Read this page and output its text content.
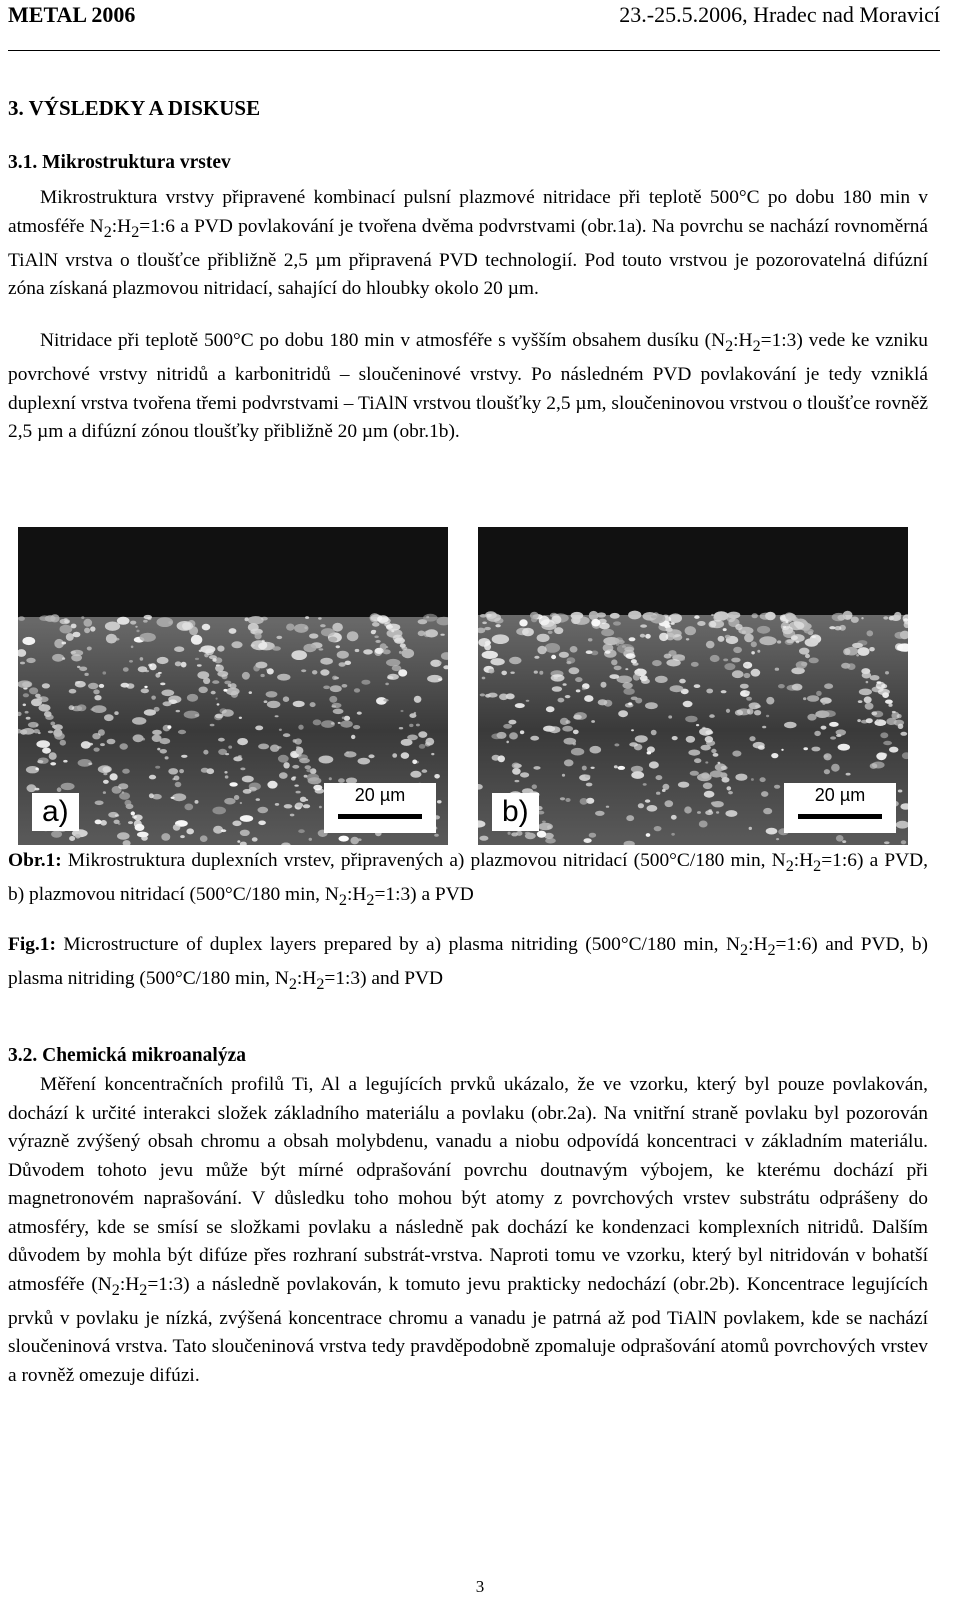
METAL 2006	23.-25.5.2006, Hradec nad Moravicí
3. VÝSLEDKY A DISKUSE
3.1. Mikrostruktura vrstev
Mikrostruktura vrstvy připravené kombinací pulsní plazmové nitridace při teplotě 500°C po dobu 180 min v atmosféře $N_2:H_2=1:6$ a PVD povlakování je tvořena dvěma podvrstvami (obr.1a). Na povrchu se nachází rovnoměrná TiAlN vrstva o tloušťce přibližně 2,5 µm připravená PVD technologií. Pod touto vrstvou je pozorovatelná difúzní zóna získaná plazmovou nitridací, sahající do hloubky okolo 20 µm.
Nitridace při teplotě 500°C po dobu 180 min v atmosféře s vyšším obsahem dusíku $(N_2:H_2=1:3)$ vede ke vzniku povrchové vrstvy nitridů a karbonitridů – sloučeninové vrstvy. Po následném PVD povlakování je tedy vzniklá duplexní vrstva tvořena třemi podvrstvami – TiAlN vrstvou tloušťky 2,5 µm, sloučeninovou vrstvou o tloušťce rovněž 2,5 µm a difúzní zónou tloušťky přibližně 20 µm (obr.1b).
a)	20 µm	b)	20 µm
Obr.1: Mikrostruktura duplexních vrstev, připravených a) plazmovou nitridací (500°C/180 min, $N_2:H_2=1:6$) a PVD, b) plazmovou nitridací (500°C/180 min, $N_2:H_2=1:3$) a PVD
Fig.1: Microstructure of duplex layers prepared by a) plasma nitriding (500°C/180 min, $N_2:H_2=1:6$) and PVD, b) plasma nitriding (500°C/180 min, $N_2:H_2=1:3$) and PVD
3.2. Chemická mikroanalýza
Měření koncentračních profilů Ti, Al a legujících prvků ukázalo, že ve vzorku, který byl pouze povlakován, dochází k určité interakci složek základního materiálu a povlaku (obr.2a). Na vnitřní straně povlaku byl pozorován výrazně zvýšený obsah chromu a obsah molybdenu, vanadu a niobu odpovídá koncentraci v základním materiálu. Důvodem tohoto jevu může být mírné odprašování povrchu doutnavým výbojem, ke kterému dochází při magnetronovém naprašování. V důsledku toho mohou být atomy z povrchových vrstev substrátu odprášeny do atmosféry, kde se smísí se složkami povlaku a následně pak dochází ke kondenzaci komplexních nitridů. Dalším důvodem by mohla být difúze přes rozhraní substrát-vrstva. Naproti tomu ve vzorku, který byl nitridován v bohatší atmosféře $(N_2:H_2=1:3)$ a následně povlakován, k tomuto jevu prakticky nedochází (obr.2b). Koncentrace legujících prvků v povlaku je nízká, zvýšená koncentrace chromu a vanadu je patrná až pod TiAlN povlakem, kde se nachází sloučeninová vrstva. Tato sloučeninová vrstva tedy pravděpodobně zpomaluje odprašování atomů povrchových vrstev a rovněž omezuje difúzi.
3
